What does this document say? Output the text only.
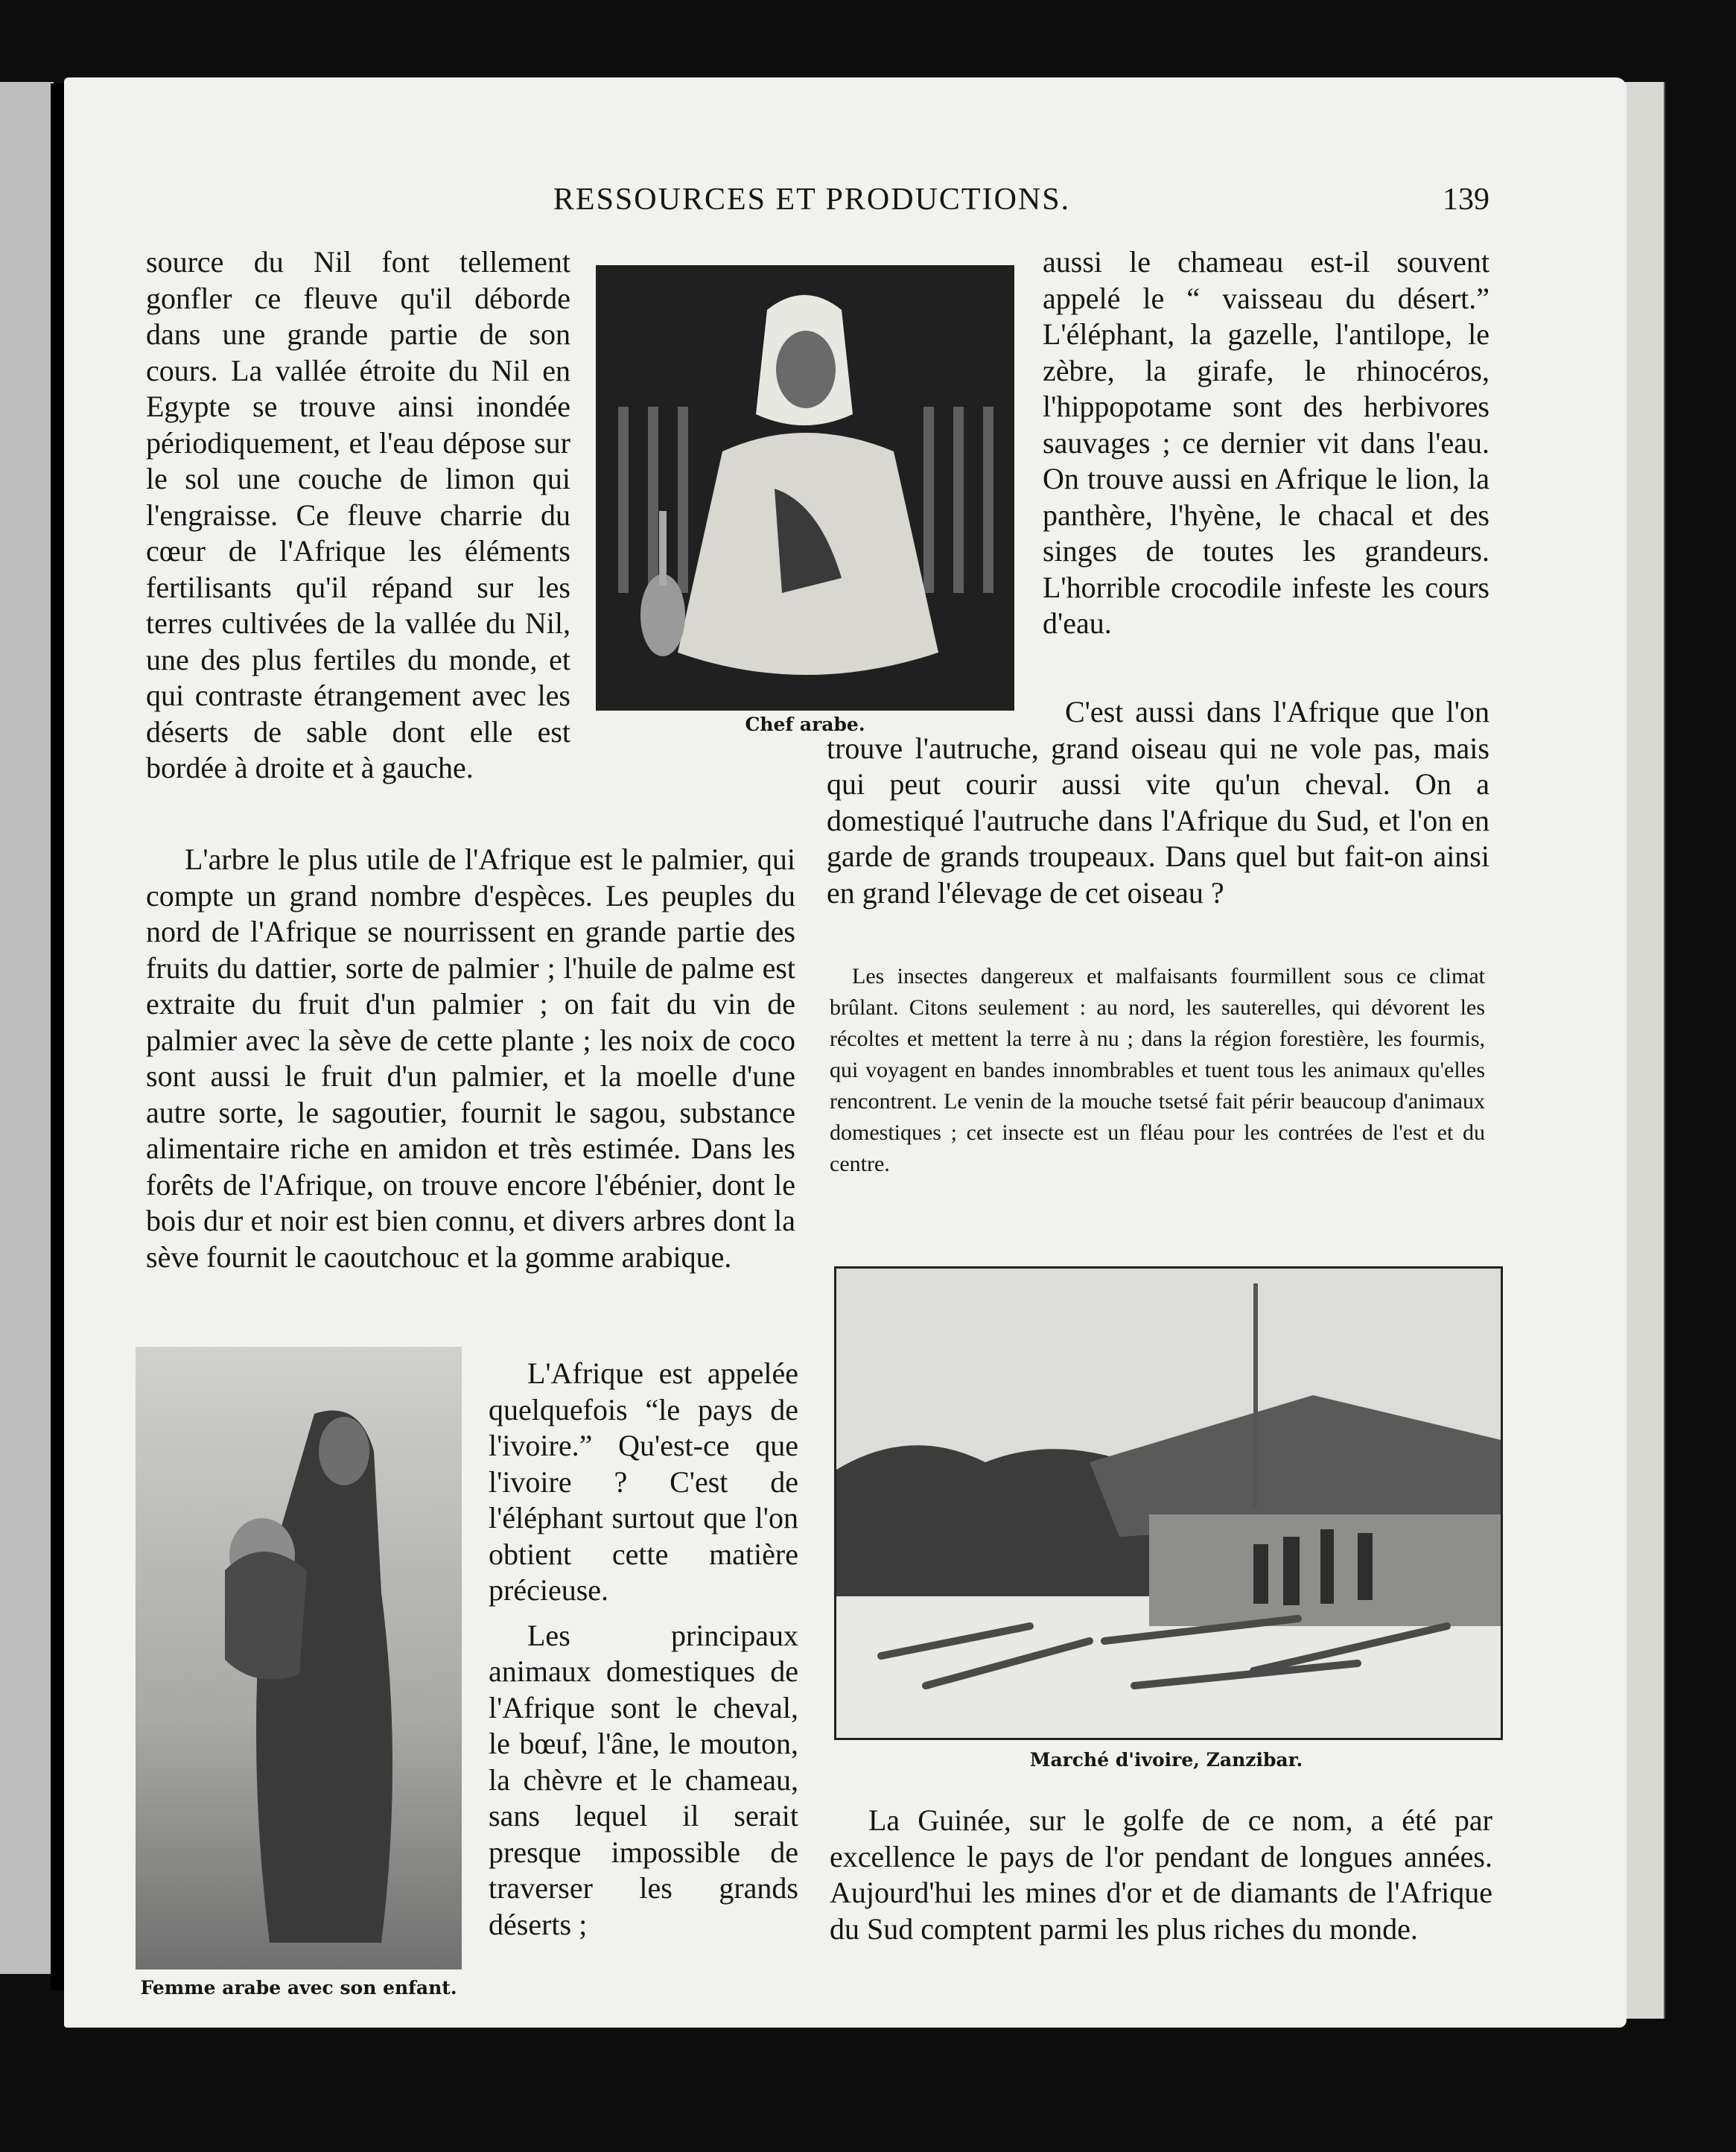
RESSOURCES ET PRODUCTIONS.	139

source du Nil font tellement gonfler ce fleuve qu'il déborde dans une grande partie de son cours. La vallée étroite du Nil en Egypte se trouve ainsi inondée périodiquement, et l'eau dépose sur le sol une couche de limon qui l'engraisse. Ce fleuve charrie du cœur de l'Afrique les éléments fertilisants qu'il répand sur les terres cultivées de la vallée du Nil, une des plus fertiles du monde, et qui contraste étrangement avec les déserts de sable dont elle est bordée à droite et à gauche.

Chef arabe.

L'arbre le plus utile de l'Afrique est le palmier, qui compte un grand nombre d'espèces. Les peuples du nord de l'Afrique se nourrissent en grande partie des fruits du dattier, sorte de palmier ; l'huile de palme est extraite du fruit d'un palmier ; on fait du vin de palmier avec la sève de cette plante ; les noix de coco sont aussi le fruit d'un palmier, et la moelle d'une autre sorte, le sagoutier, fournit le sagou, substance alimentaire riche en amidon et très estimée. Dans les forêts de l'Afrique, on trouve encore l'ébénier, dont le bois dur et noir est bien connu, et divers arbres dont la sève fournit le caoutchouc et la gomme arabique.

Femme arabe avec son enfant.

L'Afrique est appelée quelquefois “le pays de l'ivoire.” Qu'est-ce que l'ivoire ? C'est de l'éléphant surtout que l'on obtient cette matière précieuse.

Les principaux animaux domestiques de l'Afrique sont le cheval, le bœuf, l'âne, le mouton, la chèvre et le chameau, sans lequel il serait presque impossible de traverser les grands déserts ;

aussi le chameau est-il souvent appelé le “ vaisseau du désert.” L'éléphant, la gazelle, l'antilope, le zèbre, la girafe, le rhinocéros, l'hippopotame sont des herbivores sauvages ; ce dernier vit dans l'eau. On trouve aussi en Afrique le lion, la panthère, l'hyène, le chacal et des singes de toutes les grandeurs. L'horrible crocodile infeste les cours d'eau.

C'est aussi dans l'Afrique que l'on trouve l'autruche, grand oiseau qui ne vole pas, mais qui peut courir aussi vite qu'un cheval. On a domestiqué l'autruche dans l'Afrique du Sud, et l'on en garde de grands troupeaux. Dans quel but fait-on ainsi en grand l'élevage de cet oiseau ?

Les insectes dangereux et malfaisants fourmillent sous ce climat brûlant. Citons seulement : au nord, les sauterelles, qui dévorent les récoltes et mettent la terre à nu ; dans la région forestière, les fourmis, qui voyagent en bandes innombrables et tuent tous les animaux qu'elles rencontrent. Le venin de la mouche tsetsé fait périr beaucoup d'animaux domestiques ; cet insecte est un fléau pour les contrées de l'est et du centre.

Marché d'ivoire, Zanzibar.

La Guinée, sur le golfe de ce nom, a été par excellence le pays de l'or pendant de longues années. Aujourd'hui les mines d'or et de diamants de l'Afrique du Sud comptent parmi les plus riches du monde.
